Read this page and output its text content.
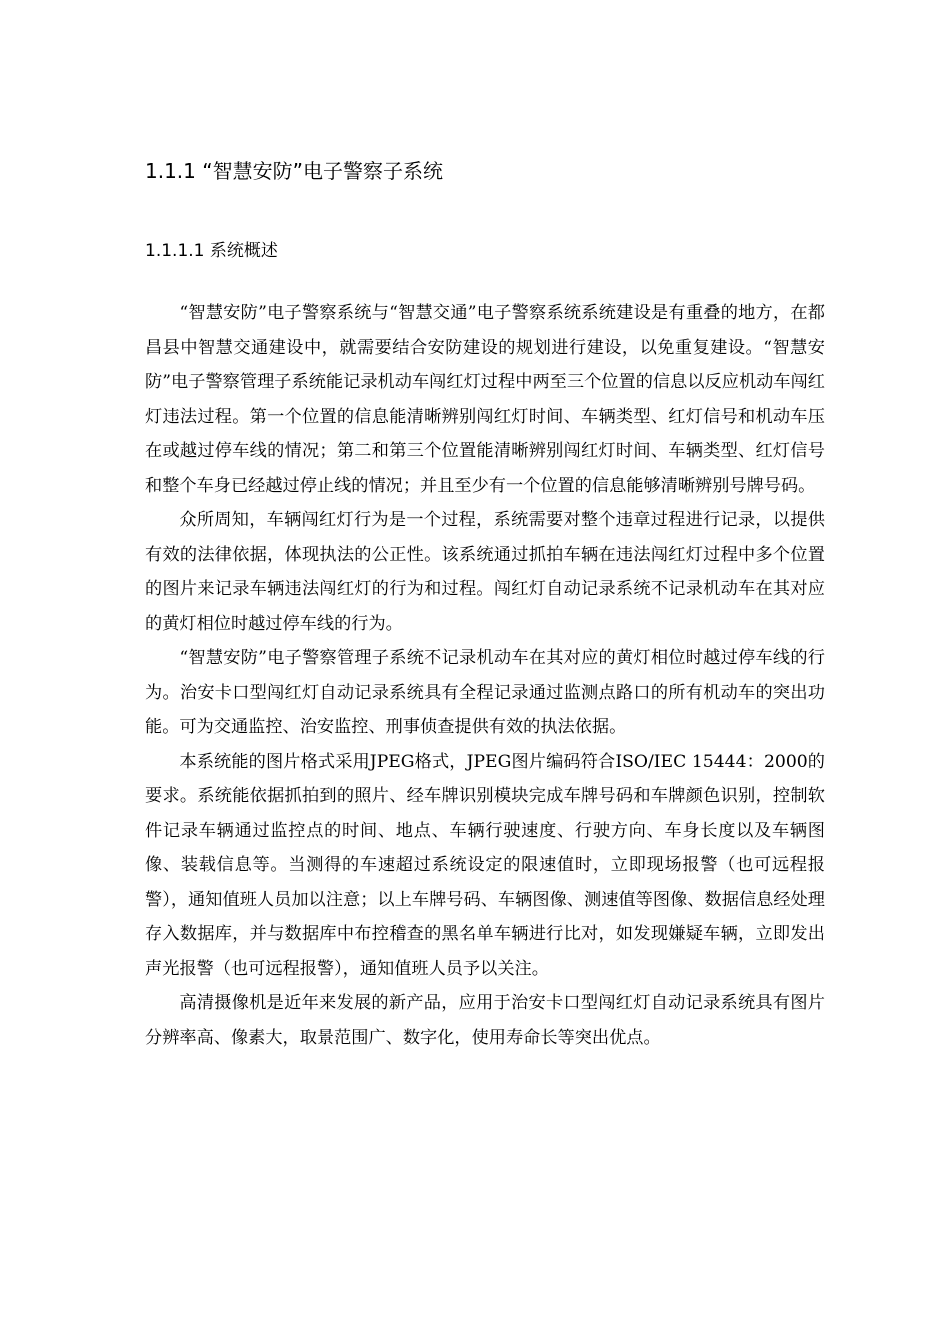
1.1.1 “智慧安防”电子警察子系统
1.1.1.1 系统概述

“智慧安防”电子警察系统与“智慧交通”电子警察系统系统建设是有重叠的地方，在都昌县中智慧交通建设中，就需要结合安防建设的规划进行建设，以免重复建设。“智慧安防”电子警察管理子系统能记录机动车闯红灯过程中两至三个位置的信息以反应机动车闯红灯违法过程。第一个位置的信息能清晰辨别闯红灯时间、车辆类型、红灯信号和机动车压在或越过停车线的情况；第二和第三个位置能清晰辨别闯红灯时间、车辆类型、红灯信号和整个车身已经越过停止线的情况；并且至少有一个位置的信息能够清晰辨别号牌号码。

众所周知，车辆闯红灯行为是一个过程，系统需要对整个违章过程进行记录，以提供有效的法律依据，体现执法的公正性。该系统通过抓拍车辆在违法闯红灯过程中多个位置的图片来记录车辆违法闯红灯的行为和过程。闯红灯自动记录系统不记录机动车在其对应的黄灯相位时越过停车线的行为。

“智慧安防”电子警察管理子系统不记录机动车在其对应的黄灯相位时越过停车线的行为。治安卡口型闯红灯自动记录系统具有全程记录通过监测点路口的所有机动车的突出功能。可为交通监控、治安监控、刑事侦查提供有效的执法依据。

本系统能的图片格式采用JPEG格式，JPEG图片编码符合ISO/IEC 15444：2000的要求。系统能依据抓拍到的照片、经车牌识别模块完成车牌号码和车牌颜色识别，控制软件记录车辆通过监控点的时间、地点、车辆行驶速度、行驶方向、车身长度以及车辆图像、装载信息等。当测得的车速超过系统设定的限速值时，立即现场报警（也可远程报警），通知值班人员加以注意；以上车牌号码、车辆图像、测速值等图像、数据信息经处理存入数据库，并与数据库中布控稽查的黑名单车辆进行比对，如发现嫌疑车辆，立即发出声光报警（也可远程报警），通知值班人员予以关注。

高清摄像机是近年来发展的新产品，应用于治安卡口型闯红灯自动记录系统具有图片分辨率高、像素大，取景范围广、数字化，使用寿命长等突出优点。
